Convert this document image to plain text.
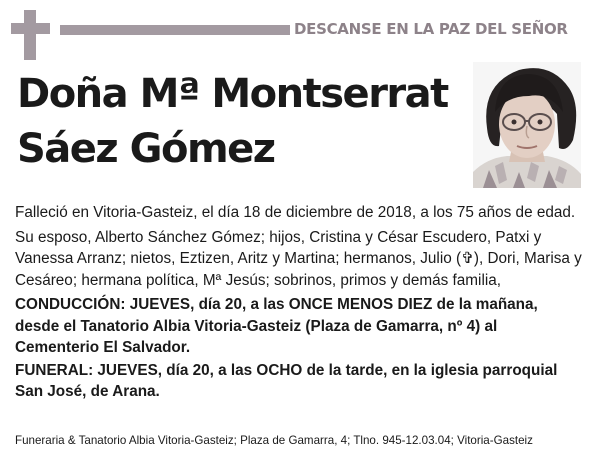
DESCANSE EN LA PAZ DEL SEÑOR
Doña Mª Montserrat
Sáez Gómez

Falleció en Vitoria-Gasteiz, el día 18 de diciembre de 2018, a los 75 años de edad.

Su esposo, Alberto Sánchez Gómez; hijos, Cristina y César Escudero, Patxi y Vanessa Arranz; nietos, Eztizen, Aritz y Martina; hermanos, Julio (✞), Dori, Marisa y Cesáreo; hermana política, Mª Jesús; sobrinos, primos y demás familia,

CONDUCCIÓN: JUEVES, día 20, a las ONCE MENOS DIEZ de la mañana, desde el Tanatorio Albia Vitoria-Gasteiz (Plaza de Gamarra, nº 4) al Cementerio El Salvador.

FUNERAL: JUEVES, día 20, a las OCHO de la tarde, en la iglesia parroquial San José, de Arana.

Funeraria & Tanatorio Albia Vitoria-Gasteiz; Plaza de Gamarra, 4; Tlno. 945-12.03.04; Vitoria-Gasteiz
